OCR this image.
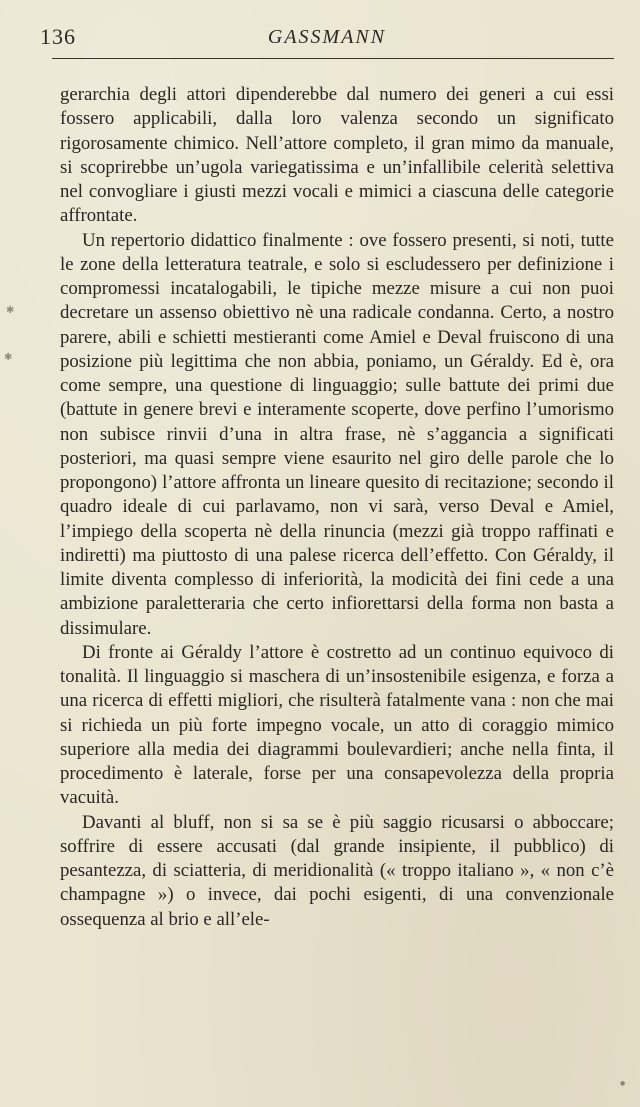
136	GASSMANN

gerarchia degli attori dipenderebbe dal numero dei generi a cui essi fossero applicabili, dalla loro valenza secondo un significato rigorosamente chimico. Nell’attore completo, il gran mimo da manuale, si scoprirebbe un’ugola variegatissima e un’infallibile celerità selettiva nel convogliare i giusti mezzi vocali e mimici a ciascuna delle categorie affrontate.

Un repertorio didattico finalmente : ove fossero presenti, si noti, tutte le zone della letteratura teatrale, e solo si escludessero per definizione i compromessi incatalogabili, le tipiche mezze misure a cui non puoi decretare un assenso obiettivo nè una radicale condanna. Certo, a nostro parere, abili e schietti mestieranti come Amiel e Deval fruiscono di una posizione più legittima che non abbia, poniamo, un Géraldy. Ed è, ora come sempre, una questione di linguaggio; sulle battute dei primi due (battute in genere brevi e interamente scoperte, dove perfino l’umorismo non subisce rinvii d’una in altra frase, nè s’aggancia a significati posteriori, ma quasi sempre viene esaurito nel giro delle parole che lo propongono) l’attore affronta un lineare quesito di recitazione; secondo il quadro ideale di cui parlavamo, non vi sarà, verso Deval e Amiel, l’impiego della scoperta nè della rinuncia (mezzi già troppo raffinati e indiretti) ma piuttosto di una palese ricerca dell’effetto. Con Géraldy, il limite diventa complesso di inferiorità, la modicità dei fini cede a una ambizione paraletteraria che certo infiorettarsi della forma non basta a dissimulare.

Di fronte ai Géraldy l’attore è costretto ad un continuo equivoco di tonalità. Il linguaggio si maschera di un’insostenibile esigenza, e forza a una ricerca di effetti migliori, che risulterà fatalmente vana : non che mai si richieda un più forte impegno vocale, un atto di coraggio mimico superiore alla media dei diagrammi boulevardieri; anche nella finta, il procedimento è laterale, forse per una consapevolezza della propria vacuità.

Davanti al bluff, non si sa se è più saggio ricusarsi o abboccare; soffrire di essere accusati (dal grande insipiente, il pubblico) di pesantezza, di sciatteria, di meridionalità (« troppo italiano », « non c’è champagne ») o invece, dai pochi esigenti, di una convenzionale ossequenza al brio e all’ele-

✱
✱
●
